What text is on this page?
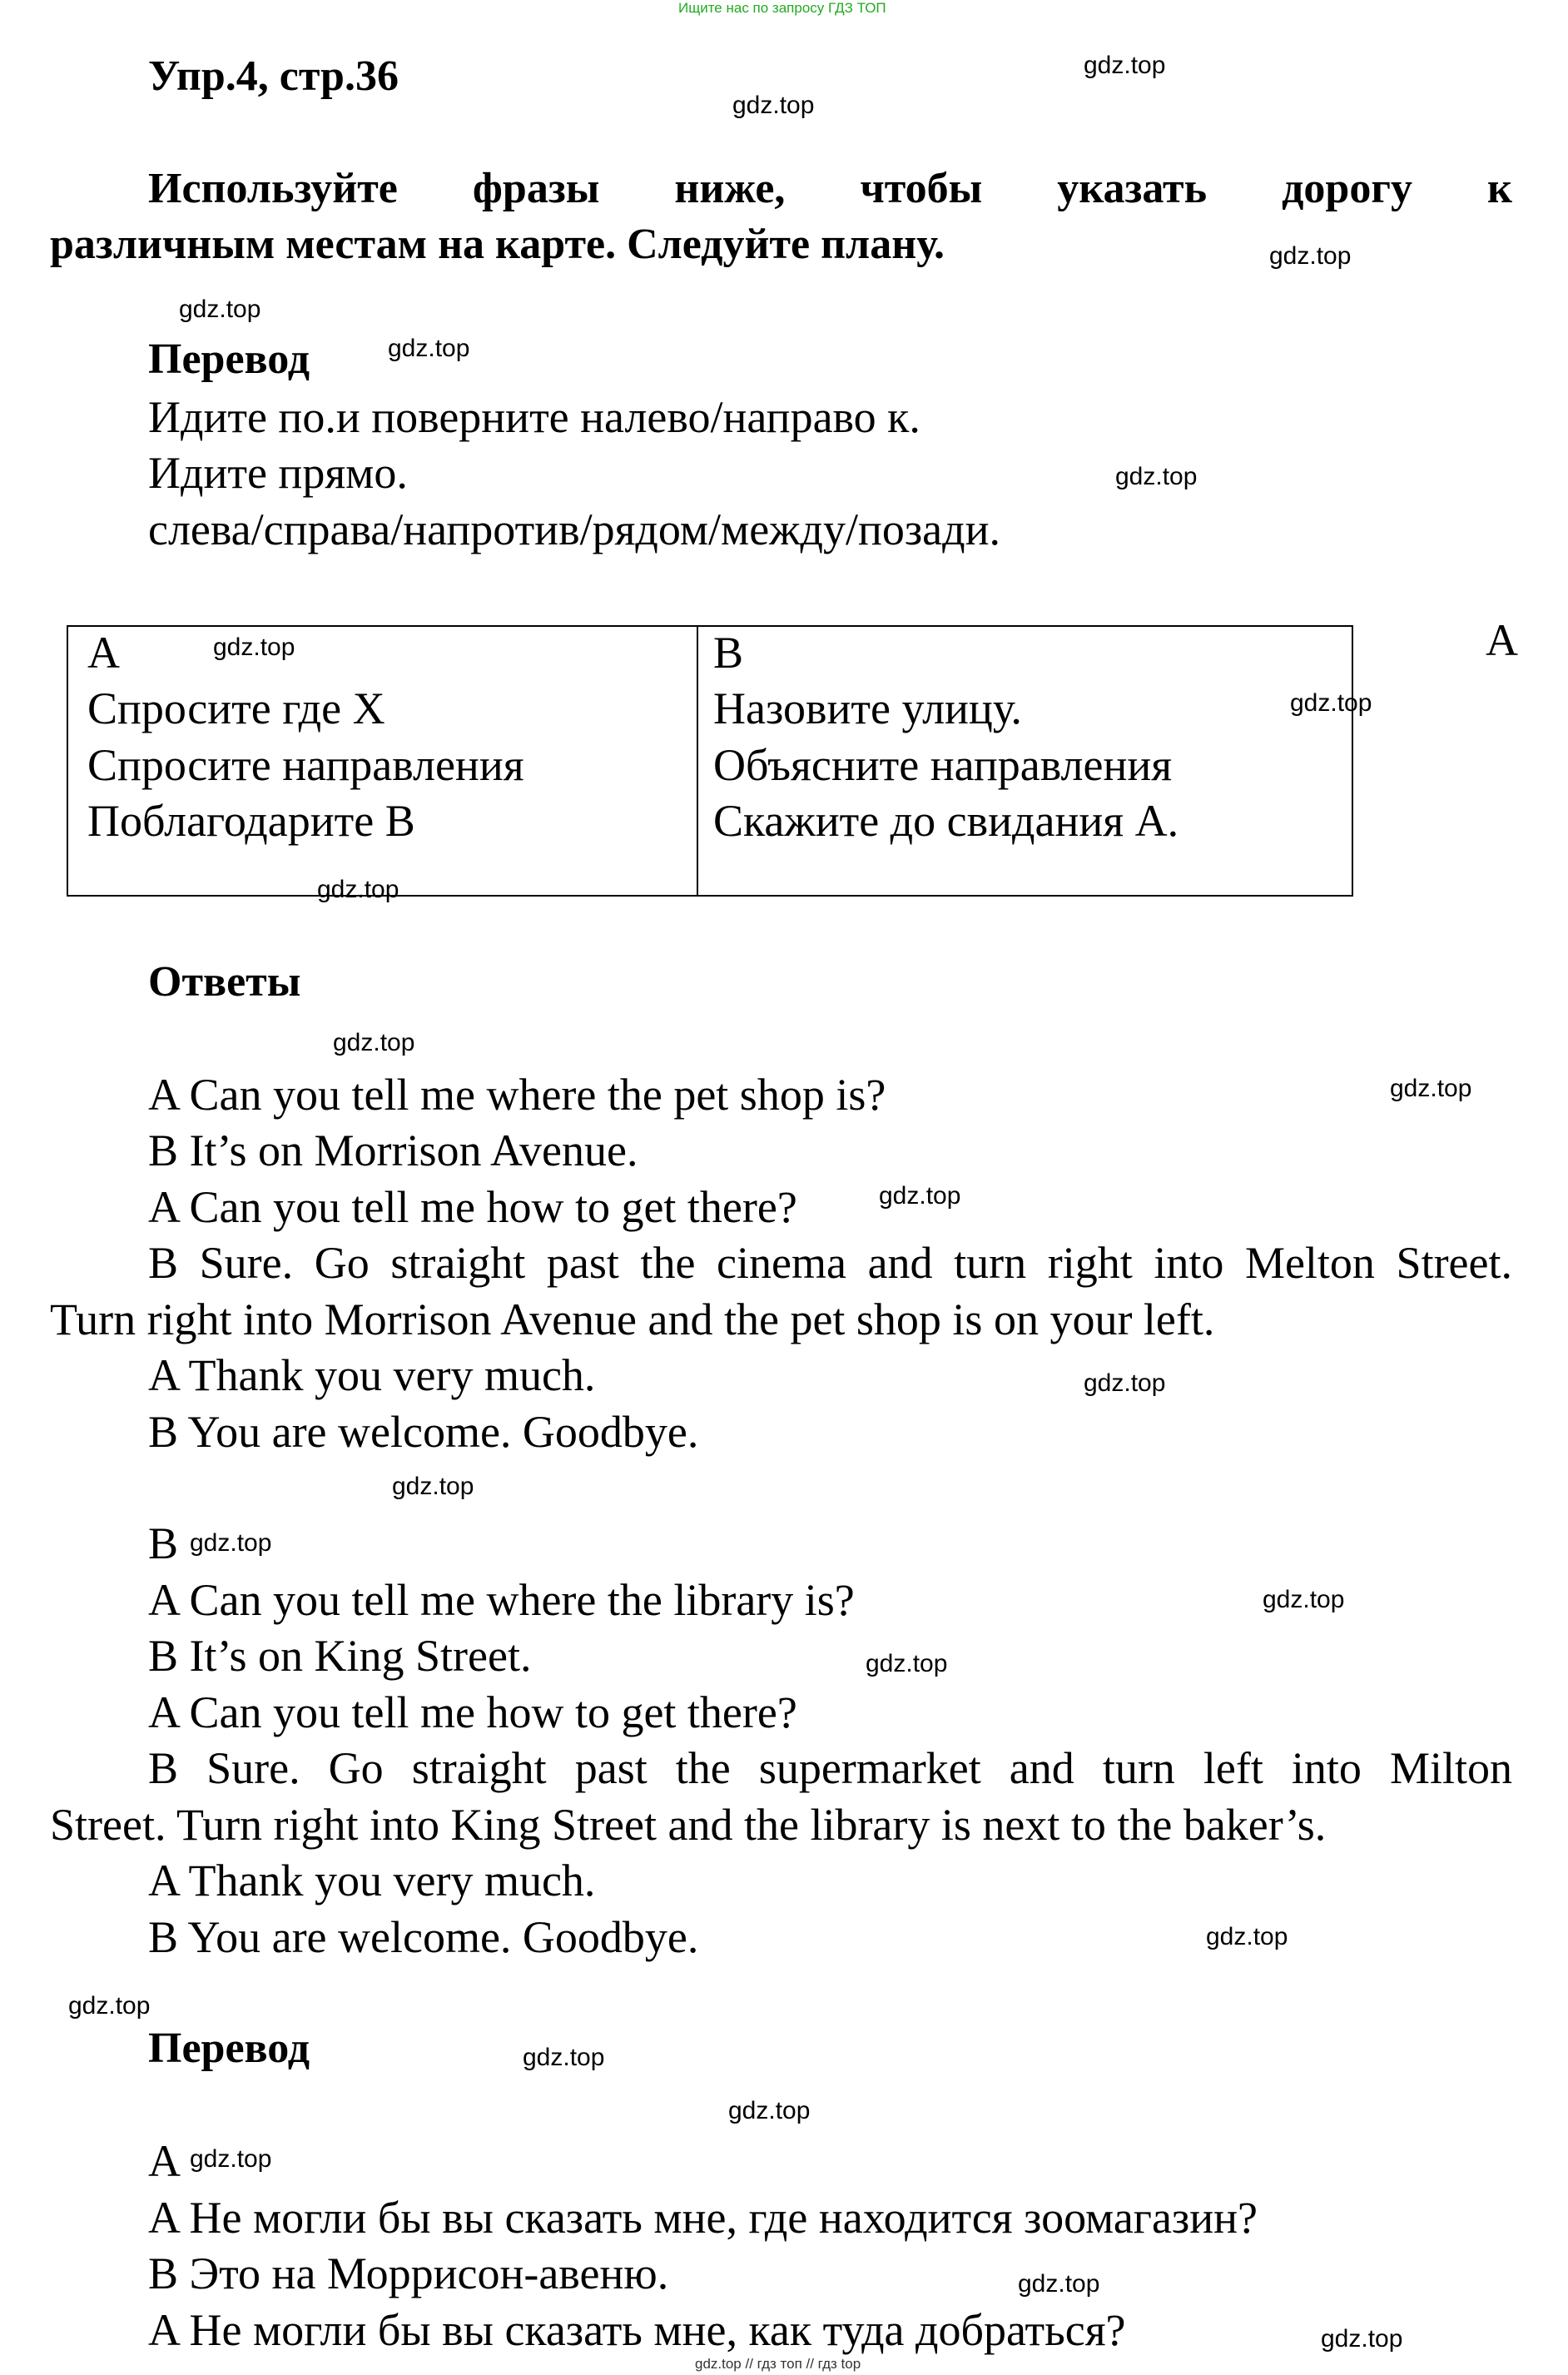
Ищите нас по запросу ГДЗ ТОП
Упр.4, стр.36
Используйте фразы ниже, чтобы указать дорогу к
различным местам на карте. Следуйте плану.
Перевод
Идите по.и поверните налево/направо к.
Идите прямо.
слева/справа/напротив/рядом/между/позади.
A
Спросите где X
Спросите направления
Поблагодарите B
B
Назовите улицу.
Объясните направления
Скажите до свидания A.
A
Ответы
A Can you tell me where the pet shop is?
B It’s on Morrison Avenue.
A Can you tell me how to get there?
B Sure. Go straight past the cinema and turn right into Melton Street.
Turn right into Morrison Avenue and the pet shop is on your left.
A Thank you very much.
B You are welcome. Goodbye.
B
A Can you tell me where the library is?
B It’s on King Street.
A Can you tell me how to get there?
B Sure. Go straight past the supermarket and turn left into Milton
Street. Turn right into King Street and the library is next to the baker’s.
A Thank you very much.
B You are welcome. Goodbye.
Перевод
A
A Не могли бы вы сказать мне, где находится зоомагазин?
B Это на Моррисон-авеню.
A Не могли бы вы сказать мне, как туда добраться?
gdz.top
gdz.top
gdz.top
gdz.top
gdz.top
gdz.top
gdz.top
gdz.top
gdz.top
gdz.top
gdz.top
gdz.top
gdz.top
gdz.top
gdz.top
gdz.top
gdz.top
gdz.top
gdz.top
gdz.top
gdz.top
gdz.top
gdz.top
gdz.top
gdz.top // гдз топ // гдз top
